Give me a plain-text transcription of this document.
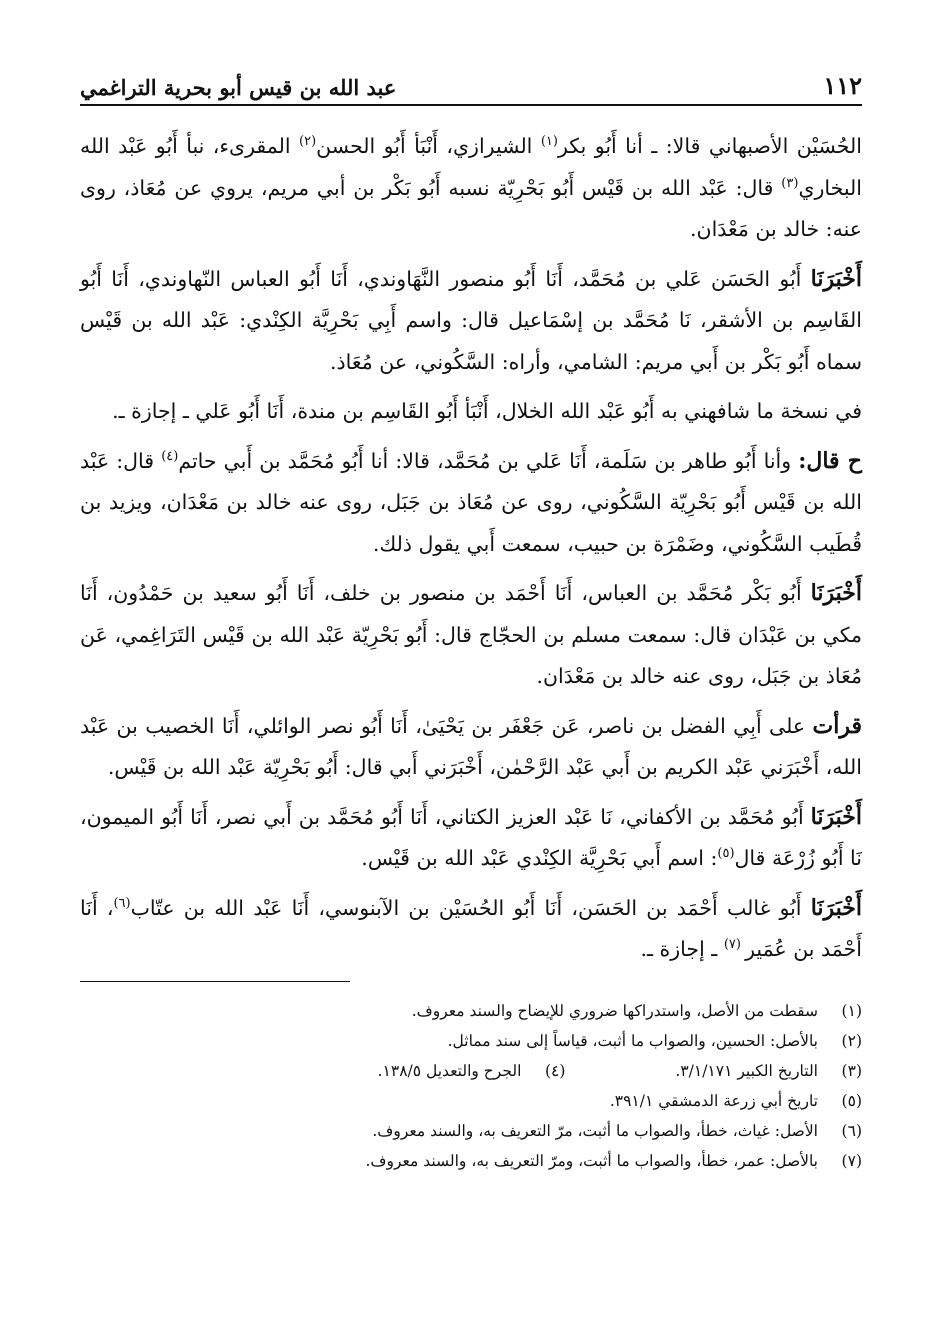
١١٢
عبد الله بن قيس أبو بحرية التراغمي

الحُسَيْن الأصبهاني قالا: ـ أنا أَبُو بكر$^{(١)}$ الشيرازي، أَنْبَأ أَبُو الحسن$^{(٢)}$ المقرىء، نبأ أَبُو عَبْد الله البخاري$^{(٣)}$ قال: عَبْد الله بن قَيْس أَبُو بَحْرِيّة نسبه أَبُو بَكْر بن أبي مريم، يروي عن مُعَاذ، روى عنه: خالد بن مَعْدَان.

أَخْبَرَنَا أَبُو الحَسَن عَلي بن مُحَمَّد، أَنَا أَبُو منصور النَّهَاوندي، أَنَا أَبُو العباس النّهاوندي، أَنَا أَبُو القَاسِم بن الأشقر، نَا مُحَمَّد بن إسْمَاعيل قال: واسم أَبِي بَحْرِيَّة الكِنْدي: عَبْد الله بن قَيْس سماه أَبُو بَكْر بن أَبي مريم: الشامي، وأراه: السَّكُوني، عن مُعَاذ.

في نسخة ما شافهني به أَبُو عَبْد الله الخلال، أَنْبَأ أَبُو القَاسِم بن مندة، أَنَا أَبُو عَلي ـ إجازة ـ.

ح قال: وأنا أَبُو طاهر بن سَلَمة، أَنَا عَلي بن مُحَمَّد، قالا: أنا أَبُو مُحَمَّد بن أَبي حاتم$^{(٤)}$ قال: عَبْد الله بن قَيْس أَبُو بَحْرِيّة السَّكُوني، روى عن مُعَاذ بن جَبَل، روى عنه خالد بن مَعْدَان، ويزيد بن قُطَيب السَّكُوني، وضَمْرَة بن حبيب، سمعت أَبي يقول ذلك.

أَخْبَرَنَا أَبُو بَكْر مُحَمَّد بن العباس، أَنَا أَحْمَد بن منصور بن خلف، أَنَا أَبُو سعيد بن حَمْدُون، أَنَا مكي بن عَبْدَان قال: سمعت مسلم بن الحجّاج قال: أَبُو بَحْرِيّة عَبْد الله بن قَيْس التَرَاغِمي، عَن مُعَاذ بن جَبَل، روى عنه خالد بن مَعْدَان.

قرأت على أَبِي الفضل بن ناصر، عَن جَعْفَر بن يَحْيَىٰ، أَنَا أَبُو نصر الوائلي، أَنَا الخصيب بن عَبْد الله، أَخْبَرَني عَبْد الكريم بن أَبي عَبْد الرَّحْمٰن، أَخْبَرَني أَبي قال: أَبُو بَحْرِيّة عَبْد الله بن قَيْس.

أَخْبَرَنَا أَبُو مُحَمَّد بن الأكفاني، نَا عَبْد العزيز الكتاني، أَنَا أَبُو مُحَمَّد بن أَبي نصر، أَنَا أَبُو الميمون، نَا أَبُو زُرْعَة قال$^{(٥)}$: اسم أَبي بَحْرِيَّة الكِنْدي عَبْد الله بن قَيْس.

أَخْبَرَنَا أَبُو غالب أَحْمَد بن الحَسَن، أَنَا أَبُو الحُسَيْن بن الآبنوسي، أَنَا عَبْد الله بن عتّاب$^{(٦)}$، أَنَا أَحْمَد بن عُمَير $^{(٧)}$ ـ إجازة ـ.

(١)
سقطت من الأصل، واستدراكها ضروري للإيضاح والسند معروف.
(٢)
بالأصل: الحسين، والصواب ما أثبت، قياساً إلى سند مماثل.
(٣)
التاريخ الكبير ٣/١/١٧١.
(٤)
الجرح والتعديل ١٣٨/٥.
(٥)
تاريخ أبي زرعة الدمشقي ٣٩١/١.
(٦)
الأصل: غياث، خطأ، والصواب ما أثبت، مرّ التعريف به، والسند معروف.
(٧)
بالأصل: عمر، خطأ، والصواب ما أثبت، ومرّ التعريف به، والسند معروف.
